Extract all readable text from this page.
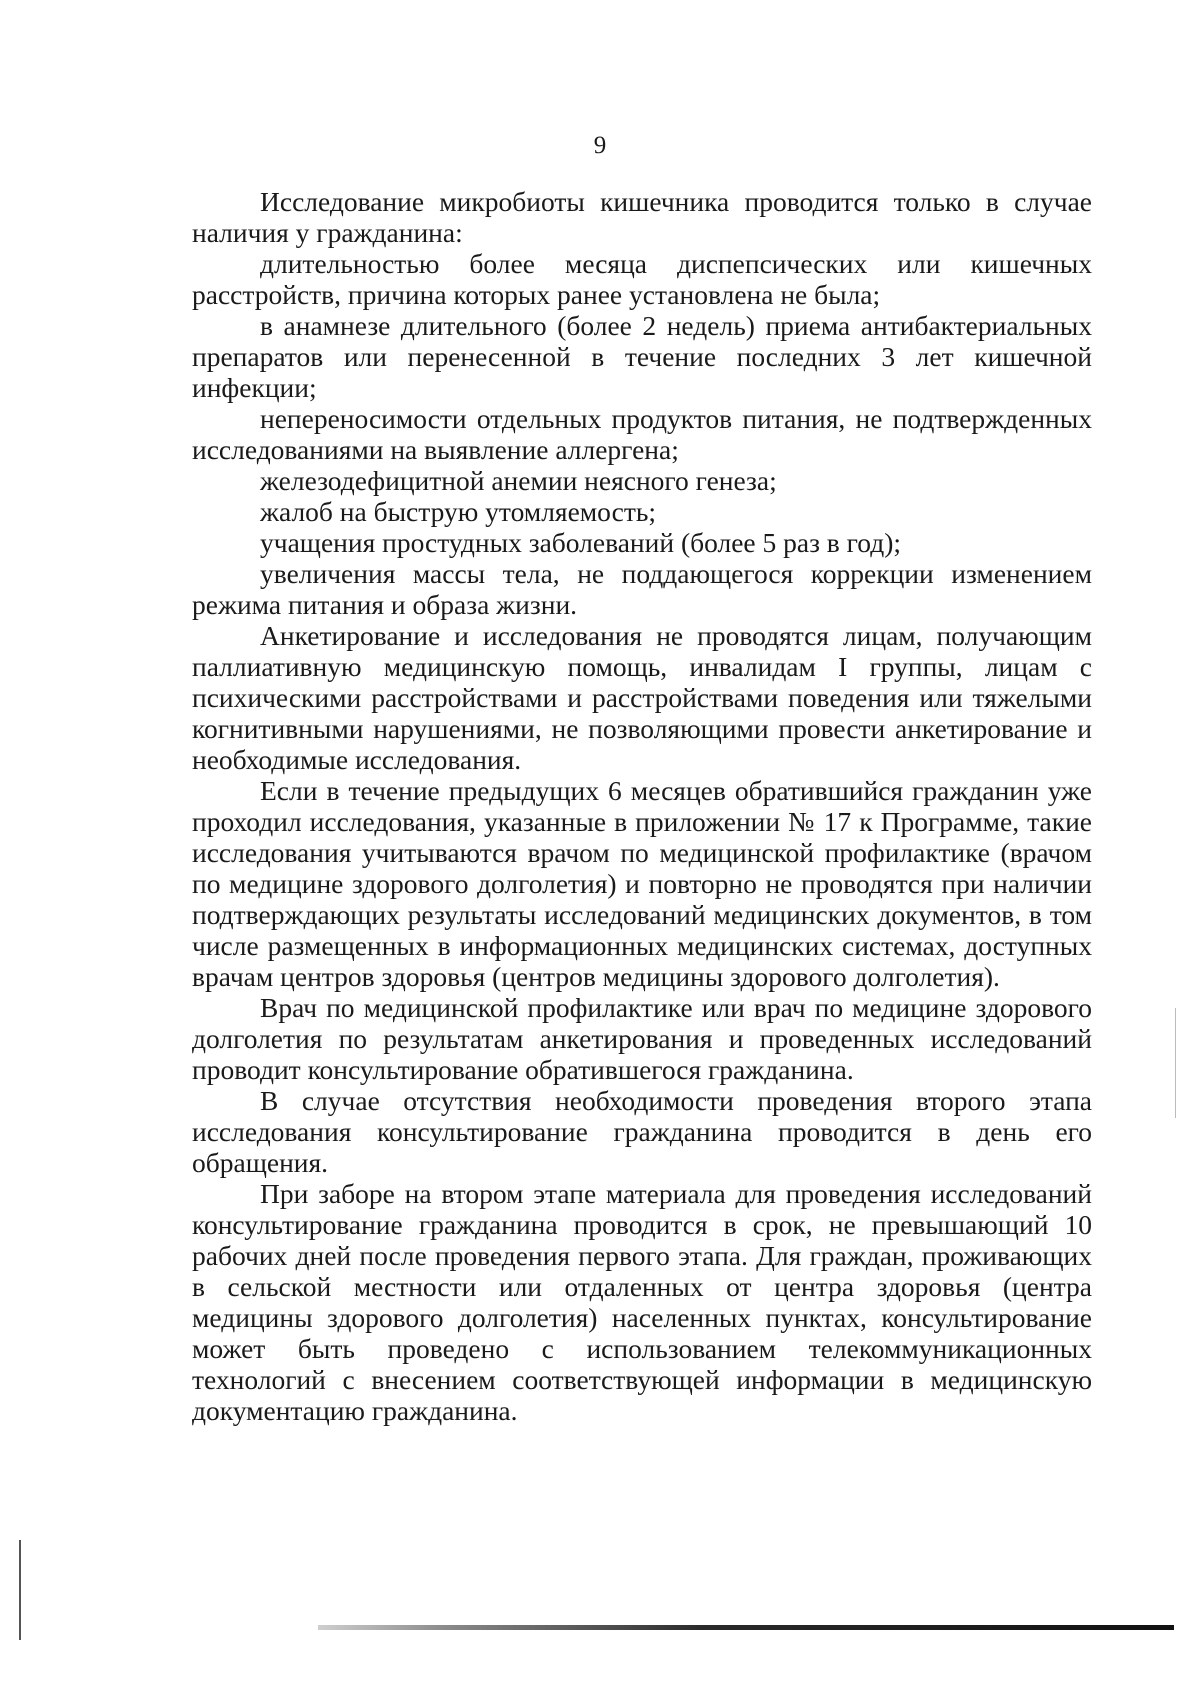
9

Исследование микробиоты кишечника проводится только в случае наличия у гражданина:

длительностью более месяца диспепсических или кишечных расстройств, причина которых ранее установлена не была;

в анамнезе длительного (более 2 недель) приема антибактериальных препаратов или перенесенной в течение последних 3 лет кишечной инфекции;

непереносимости отдельных продуктов питания, не подтвержденных исследованиями на выявление аллергена;

железодефицитной анемии неясного генеза;

жалоб на быструю утомляемость;

учащения простудных заболеваний (более 5 раз в год);

увеличения массы тела, не поддающегося коррекции изменением режима питания и образа жизни.

Анкетирование и исследования не проводятся лицам, получающим паллиативную медицинскую помощь, инвалидам I группы, лицам с психическими расстройствами и расстройствами поведения или тяжелыми когнитивными нарушениями, не позволяющими провести анкетирование и необходимые исследования.

Если в течение предыдущих 6 месяцев обратившийся гражданин уже проходил исследования, указанные в приложении № 17 к Программе, такие исследования учитываются врачом по медицинской профилактике (врачом по медицине здорового долголетия) и повторно не проводятся при наличии подтверждающих результаты исследований медицинских документов, в том числе размещенных в информационных медицинских системах, доступных врачам центров здоровья (центров медицины здорового долголетия).

Врач по медицинской профилактике или врач по медицине здорового долголетия по результатам анкетирования и проведенных исследований проводит консультирование обратившегося гражданина.

В случае отсутствия необходимости проведения второго этапа исследования консультирование гражданина проводится в день его обращения.

При заборе на втором этапе материала для проведения исследований консультирование гражданина проводится в срок, не превышающий 10 рабочих дней после проведения первого этапа. Для граждан, проживающих в сельской местности или отдаленных от центра здоровья (центра медицины здорового долголетия) населенных пунктах, консультирование может быть проведено с использованием телекоммуникационных технологий с внесением соответствующей информации в медицинскую документацию гражданина.
